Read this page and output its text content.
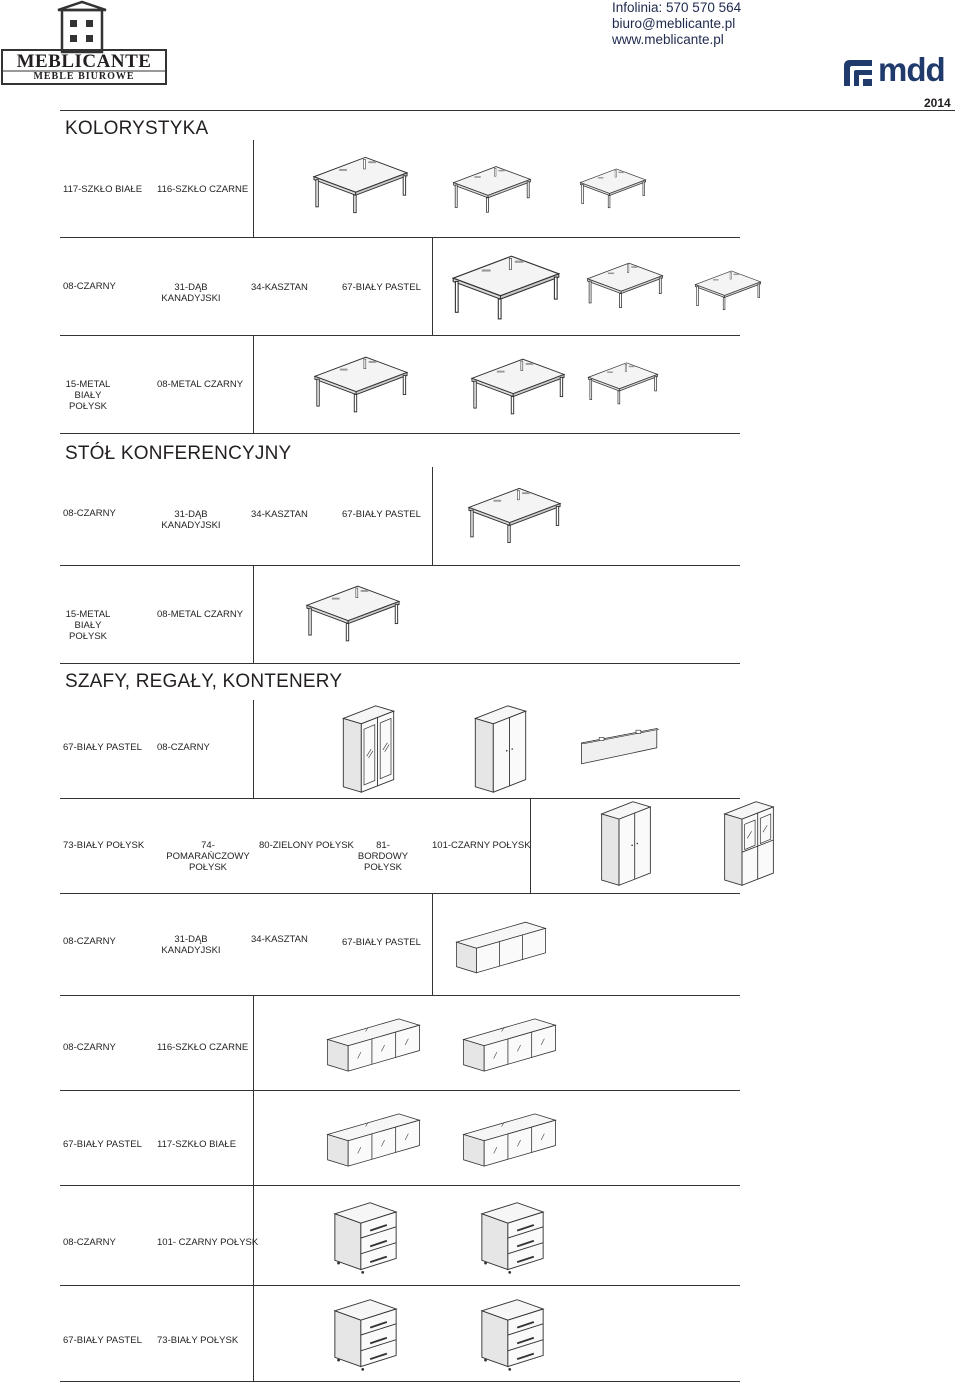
MEBLICANTE
MEBLE BIUROWE
Infolinia: 570 570 564
biuro@meblicante.pl
www.meblicante.pl
mdd
2014
KOLORYSTYKA
STÓŁ KONFERENCYJNY
SZAFY, REGAŁY, KONTENERY
117-SZKŁO BIAŁE 116-SZKŁO CZARNE
08-CZARNY	31-DĄB KANADYJSKI
34-KASZTAN	67-BIAŁY PASTEL
15-METAL BIAŁY POŁYSK
08-METAL CZARNY
08-CZARNY	31-DĄB KANADYJSKI
34-KASZTAN	67-BIAŁY PASTEL
15-METAL BIAŁY POŁYSK
08-METAL CZARNY
67-BIAŁY PASTEL 08-CZARNY
73-BIAŁY POŁYSK	74-POMARAŃCZOWY POŁYSK
80-ZIELONY POŁYSK	81-BORDOWY POŁYSK
101-CZARNY POŁYSK
08-CZARNY	31-DĄB KANADYJSKI
34-KASZTAN	67-BIAŁY PASTEL
08-CZARNY	116-SZKŁO CZARNE
67-BIAŁY PASTEL 117-SZKŁO BIAŁE
08-CZARNY	101- CZARNY POŁYSK
67-BIAŁY PASTEL 73-BIAŁY POŁYSK
